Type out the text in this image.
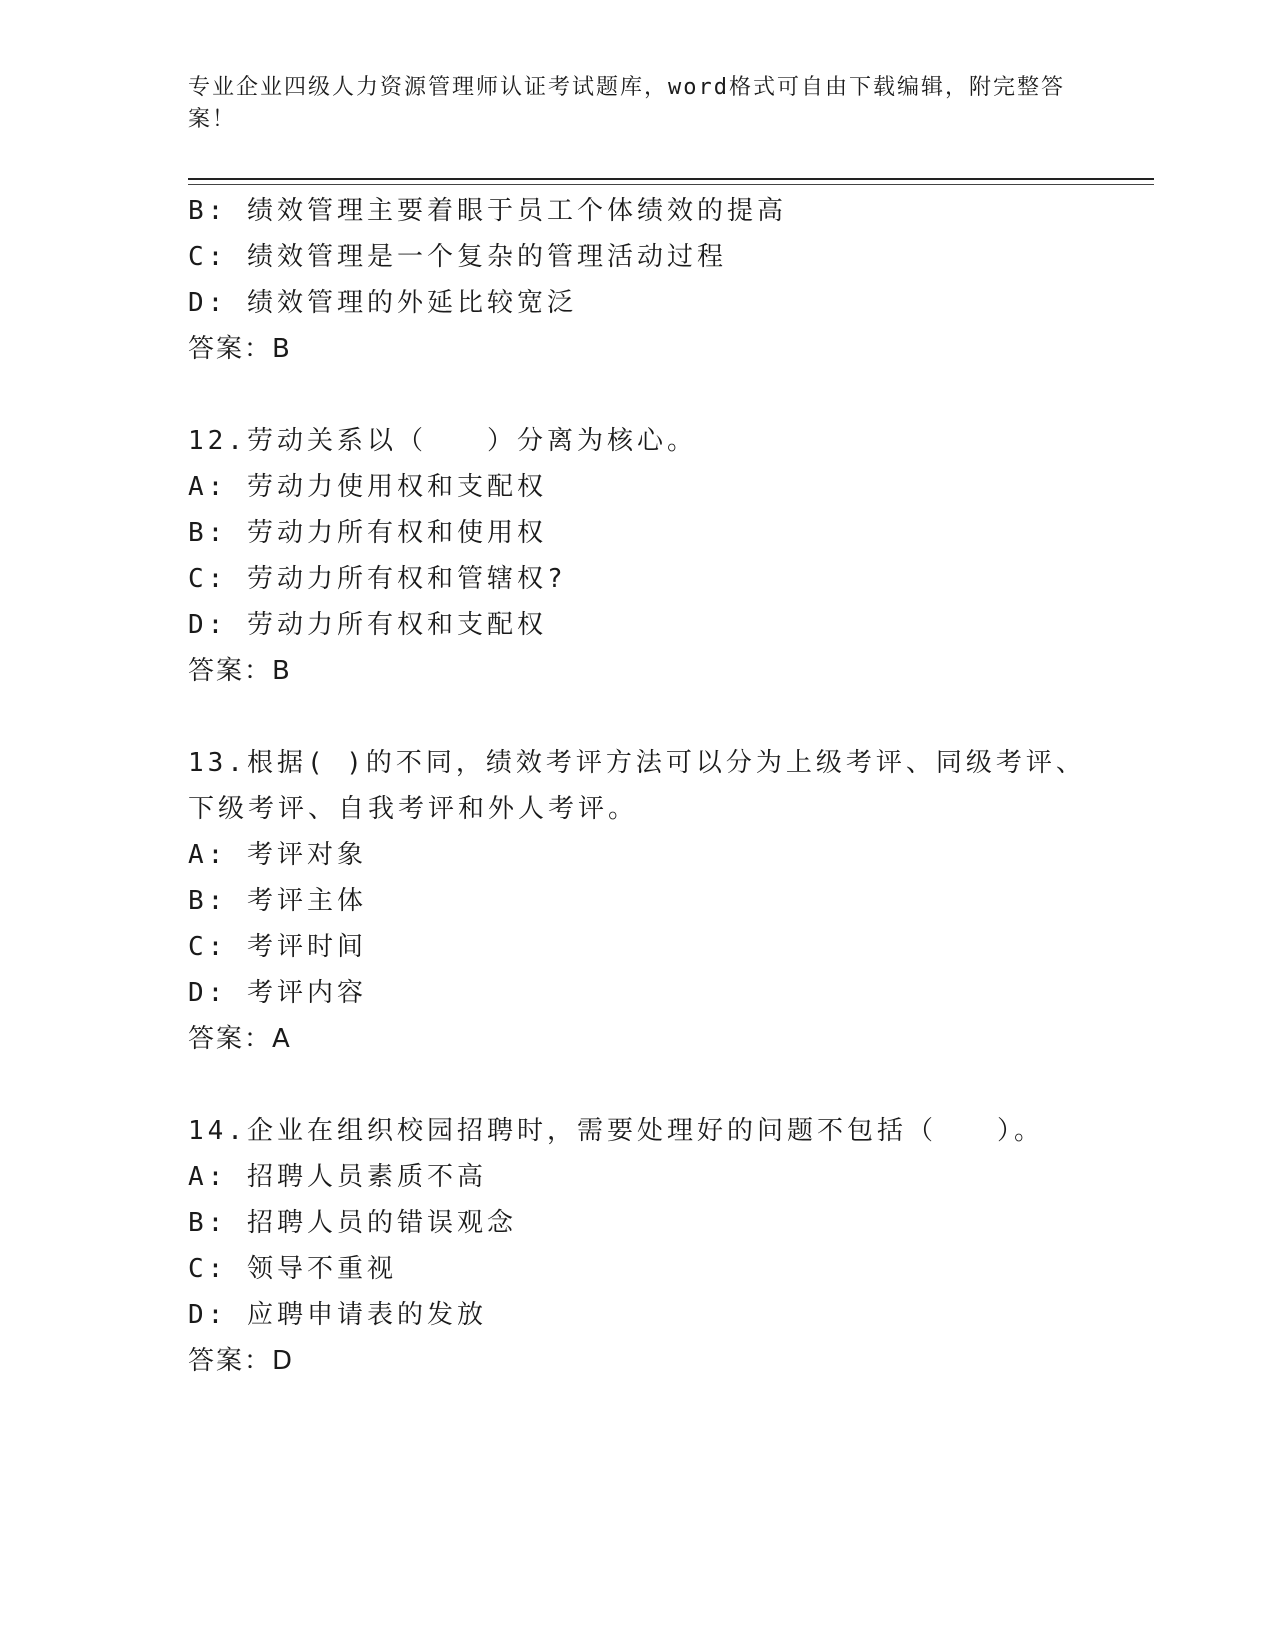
专业企业四级人力资源管理师认证考试题库，word格式可自由下载编辑，附完整答案！
B: 绩效管理主要着眼于员工个体绩效的提高
C: 绩效管理是一个复杂的管理活动过程
D: 绩效管理的外延比较宽泛
答案：B
12.劳动关系以（　　）分离为核心。
A: 劳动力使用权和支配权
B: 劳动力所有权和使用权
C: 劳动力所有权和管辖权?
D: 劳动力所有权和支配权
答案：B
13.根据( )的不同，绩效考评方法可以分为上级考评、同级考评、下级考评、自我考评和外人考评。
A: 考评对象
B: 考评主体
C: 考评时间
D: 考评内容
答案：A
14.企业在组织校园招聘时，需要处理好的问题不包括（　　）。
A: 招聘人员素质不高
B: 招聘人员的错误观念
C: 领导不重视
D: 应聘申请表的发放
答案：D
